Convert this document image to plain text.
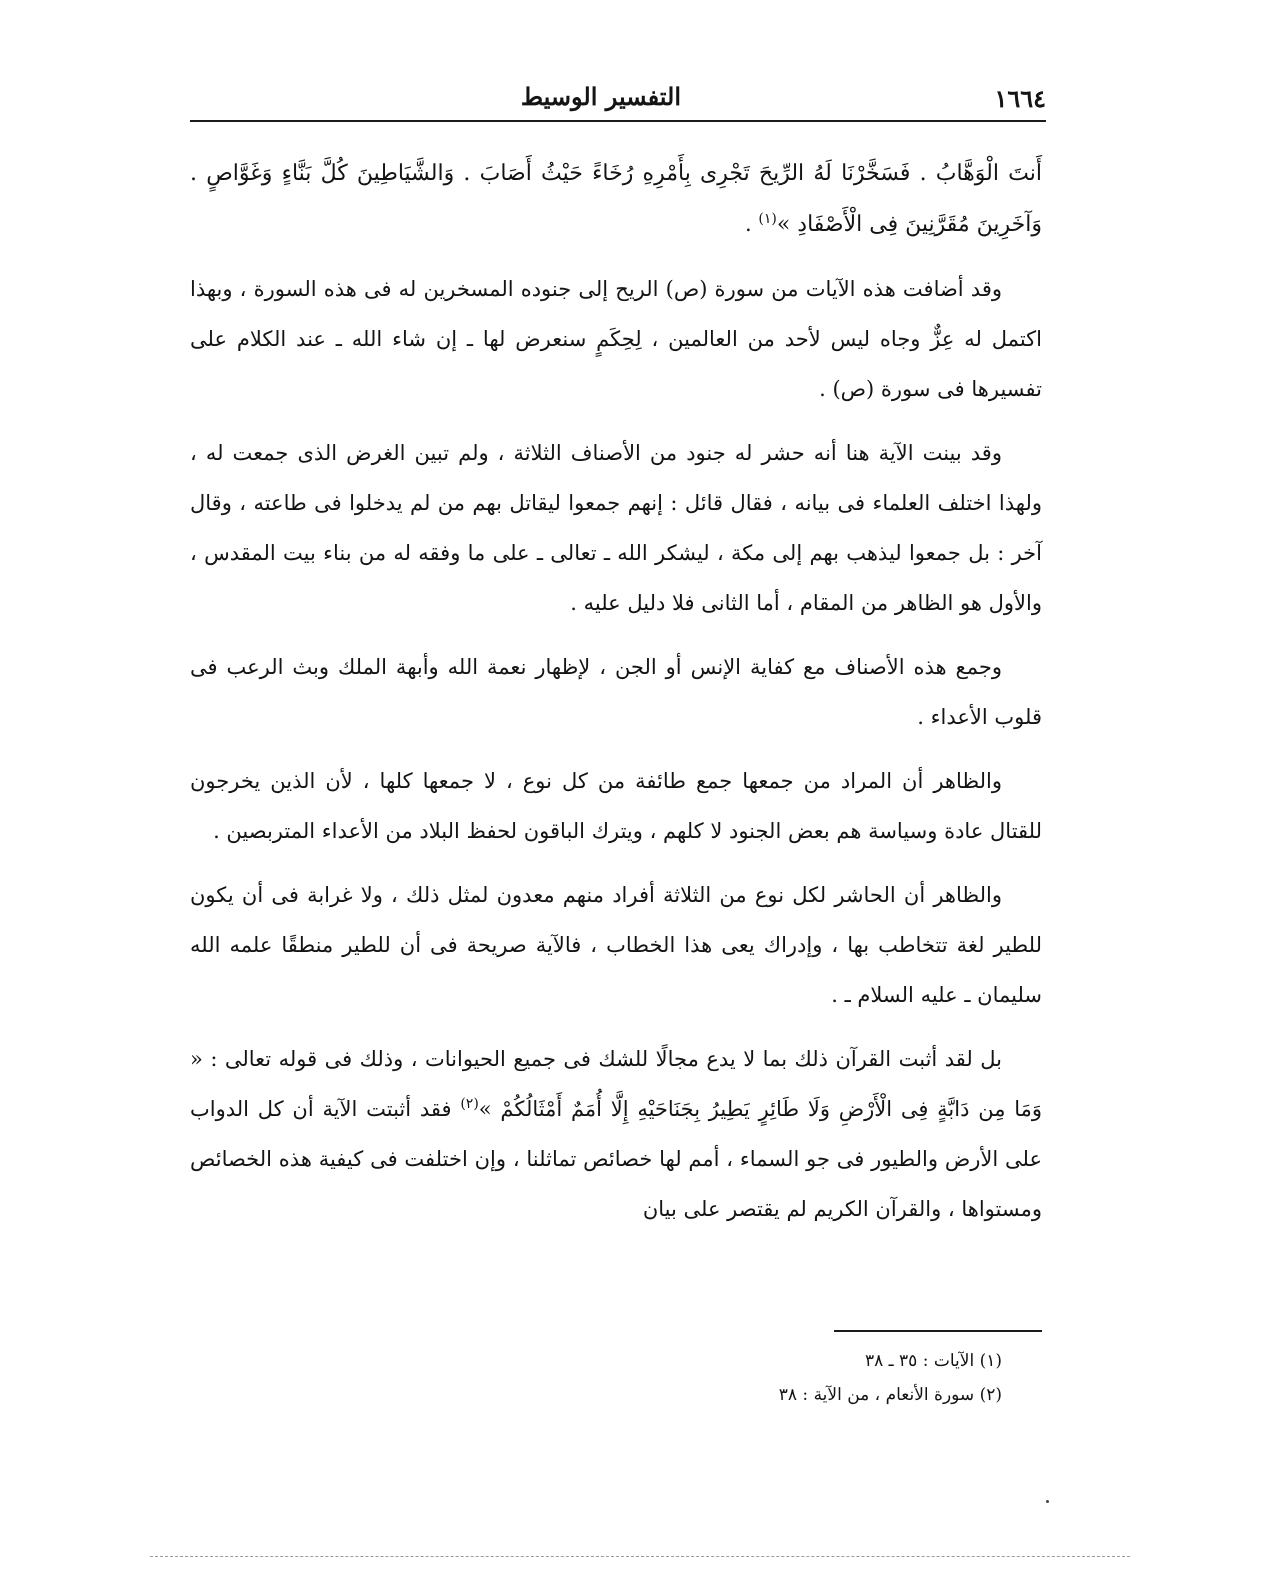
١٦٦٤
التفسير الوسيط

أَنتَ الْوَهَّابُ . فَسَخَّرْنَا لَهُ الرِّيحَ تَجْرِى بِأَمْرِهِ رُخَاءً حَيْثُ أَصَابَ . وَالشَّيَاطِينَ كُلَّ بَنَّاءٍ وَغَوَّاصٍ . وَآخَرِينَ مُقَرَّنِينَ فِى الْأَصْفَادِ »$^{(١)}$ .

وقد أضافت هذه الآيات من سورة (ص) الريح إلى جنوده المسخرين له فى هذه السورة ، وبهذا اكتمل له عِزٌّ وجاه ليس لأحد من العالمين ، لِحِكَمٍ سنعرض لها ـ إن شاء الله ـ عند الكلام على تفسيرها فى سورة (ص) .

وقد بينت الآية هنا أنه حشر له جنود من الأصناف الثلاثة ، ولم تبين الغرض الذى جمعت له ، ولهذا اختلف العلماء فى بيانه ، فقال قائل : إنهم جمعوا ليقاتل بهم من لم يدخلوا فى طاعته ، وقال آخر : بل جمعوا ليذهب بهم إلى مكة ، ليشكر الله ـ تعالى ـ على ما وفقه له من بناء بيت المقدس ، والأول هو الظاهر من المقام ، أما الثانى فلا دليل عليه .

وجمع هذه الأصناف مع كفاية الإنس أو الجن ، لإظهار نعمة الله وأبهة الملك وبث الرعب فى قلوب الأعداء .

والظاهر أن المراد من جمعها جمع طائفة من كل نوع ، لا جمعها كلها ، لأن الذين يخرجون للقتال عادة وسياسة هم بعض الجنود لا كلهم ، ويترك الباقون لحفظ البلاد من الأعداء المتربصين .

والظاهر أن الحاشر لكل نوع من الثلاثة أفراد منهم معدون لمثل ذلك ، ولا غرابة فى أن يكون للطير لغة تتخاطب بها ، وإدراك يعى هذا الخطاب ، فالآية صريحة فى أن للطير منطقًا علمه الله سليمان ـ عليه السلام ـ .

بل لقد أثبت القرآن ذلك بما لا يدع مجالًا للشك فى جميع الحيوانات ، وذلك فى قوله تعالى : « وَمَا مِن دَابَّةٍ فِى الْأَرْضِ وَلَا طَائِرٍ يَطِيرُ بِجَنَاحَيْهِ إِلَّا أُمَمٌ أَمْثَالُكُمْ »$^{(٢)}$ فقد أثبتت الآية أن كل الدواب على الأرض والطيور فى جو السماء ، أمم لها خصائص تماثلنا ، وإن اختلفت فى كيفية هذه الخصائص ومستواها ، والقرآن الكريم لم يقتصر على بيان

(١) الآيات : ٣٥ ـ ٣٨
(٢) سورة الأنعام ، من الآية : ٣٨
